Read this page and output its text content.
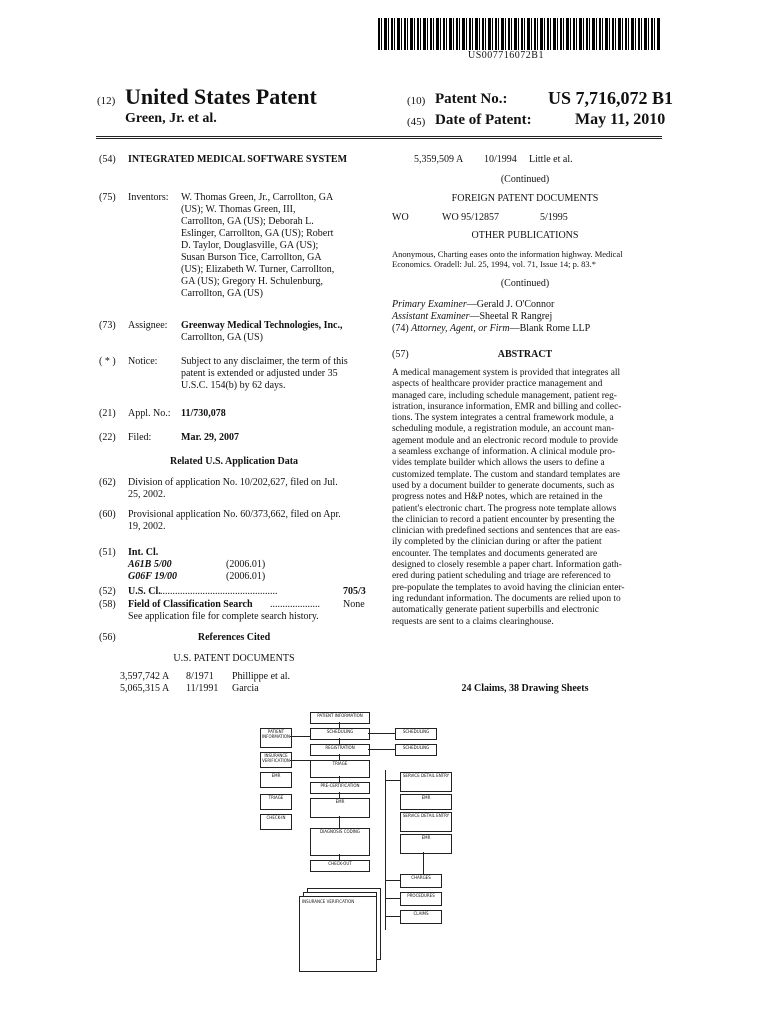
US007716072B1
(12) United States Patent
Green, Jr. et al.
(10) Patent No.: US 7,716,072 B1
(45) Date of Patent:	May 11, 2010
(54) INTEGRATED MEDICAL SOFTWARE SYSTEM
(75) Inventors: W. Thomas Green, Jr., Carrollton, GA
(US); W. Thomas Green, III,
Carrollton, GA (US); Deborah L.
Eslinger, Carrollton, GA (US); Robert
D. Taylor, Douglasville, GA (US);
Susan Burson Tice, Carrollton, GA
(US); Elizabeth W. Turner, Carrollton,
GA (US); Gregory H. Schulenburg,
Carrollton, GA (US)
(73) Assignee: Greenway Medical Technologies, Inc.,
Carrollton, GA (US)
( * ) Notice: Subject to any disclaimer, the term of this
patent is extended or adjusted under 35
U.S.C. 154(b) by 62 days.
(21) Appl. No.: 11/730,078
(22) Filed:	Mar. 29, 2007
Related U.S. Application Data
(62) Division of application No. 10/202,627, filed on Jul.
25, 2002.
(60) Provisional application No. 60/373,662, filed on Apr.
19, 2002.
(51) Int. Cl.
A61B 5/00	(2006.01)
G06F 19/00	(2006.01)
(52) U.S. Cl. ...............................................	705/3
(58) Field of Classification Search ....................	None
See application file for complete search history.
(56)	References Cited
U.S. PATENT DOCUMENTS
3,597,742 A 8/1971 Phillippe et al.
5,065,315 A 11/1991 Garcia
5,359,509 A 10/1994 Little et al.
(Continued)
FOREIGN PATENT DOCUMENTS
WO	WO 95/12857	5/1995
OTHER PUBLICATIONS
Anonymous, Charting eases onto the information highway. Medical
Economics. Oradell: Jul. 25, 1994, vol. 71, Issue 14; p. 83.*
(Continued)
Primary Examiner—Gerald J. O'Connor
Assistant Examiner—Sheetal R Rangrej
(74) Attorney, Agent, or Firm—Blank Rome LLP
(57)	ABSTRACT
A medical management system is provided that integrates all
aspects of healthcare provider practice management and
managed care, including schedule management, patient reg-
istration, insurance information, EMR and billing and collec-
tions. The system integrates a central framework module, a
scheduling module, a registration module, an account man-
agement module and an electronic record module to provide
a seamless exchange of information. A clinical module pro-
vides template builder which allows the users to define a
customized template. The custom and standard templates are
used by a document builder to generate documents, such as
progress notes and H&P notes, which are retained in the
patient's electronic chart. The progress note template allows
the clinician to record a patient encounter by presenting the
clinician with predefined sections and sentences that are eas-
ily completed by the clinician during or after the patient
encounter. The templates and documents generated are
designed to closely resemble a paper chart. Information gath-
ered during patient scheduling and triage are referenced to
pre-populate the templates to avoid having the clinician enter-
ing redundant information. The documents are relied upon to
automatically generate patient superbills and electronic
requests are sent to a claims clearinghouse.
24 Claims, 38 Drawing Sheets
PATIENT INFORMATION
INSURANCE VERIFICATION
EMR
TRIAGE
CHECK-IN
PATIENT INFORMATION
SCHEDULING
REGISTRATION
TRIAGE
PRE-CERTIFICATION
EMR
DIAGNOSIS CODING
CHECK-OUT
SCHEDULING
SCHEDULING
SERVICE DETAIL ENTRY
EMR
SERVICE DETAIL ENTRY
EMR
CHARGES
PROCEDURES
CLAIMS
INSURANCE VERIFICATION
